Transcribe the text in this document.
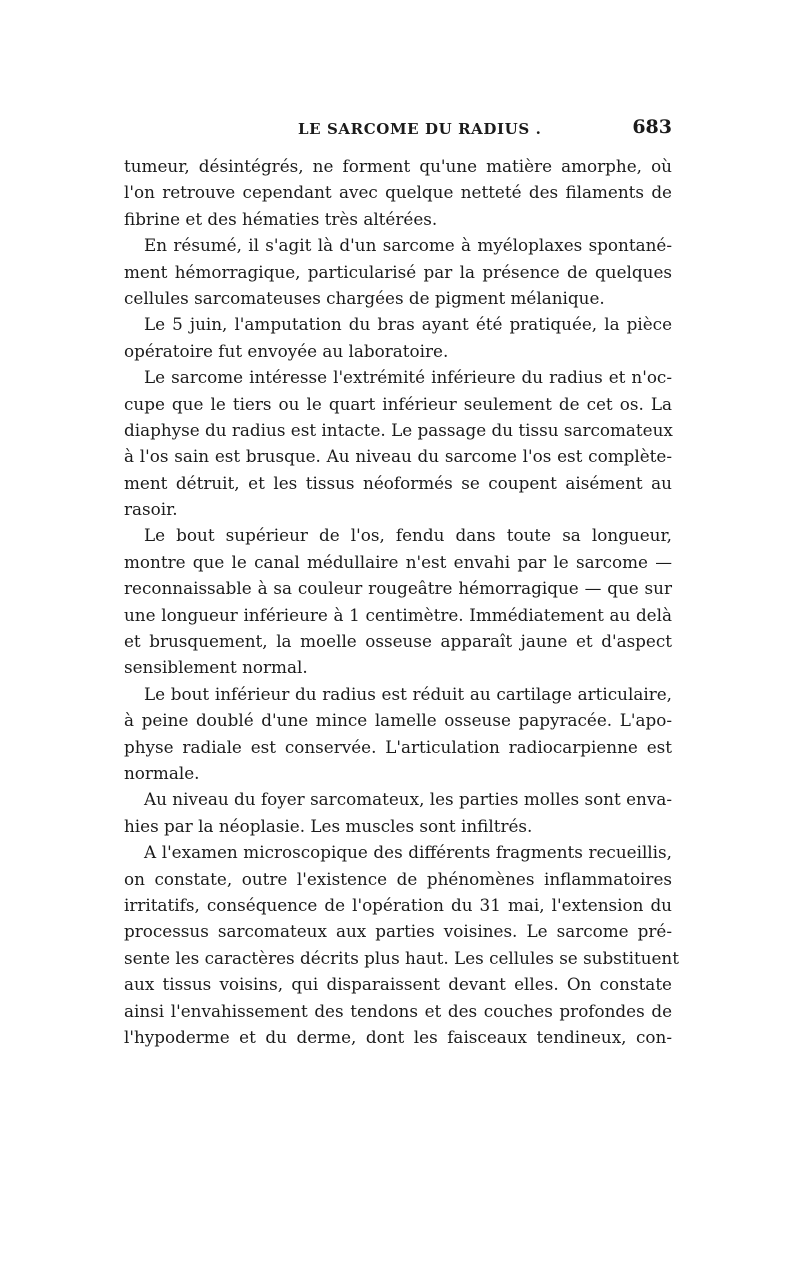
LE SARCOME DU RADIUS .	683
tumeur, désintégrés, ne forment qu'une matière amorphe, où
l'on retrouve cependant avec quelque netteté des filaments de
fibrine et des hématies très altérées.
En résumé, il s'agit là d'un sarcome à myéloplaxes spontané-
ment hémorragique, particularisé par la présence de quelques
cellules sarcomateuses chargées de pigment mélanique.
Le 5 juin, l'amputation du bras ayant été pratiquée, la pièce
opératoire fut envoyée au laboratoire.
Le sarcome intéresse l'extrémité inférieure du radius et n'oc-
cupe que le tiers ou le quart inférieur seulement de cet os. La
diaphyse du radius est intacte. Le passage du tissu sarcomateux
à l'os sain est brusque. Au niveau du sarcome l'os est complète-
ment détruit, et les tissus néoformés se coupent aisément au
rasoir.
Le bout supérieur de l'os, fendu dans toute sa longueur,
montre que le canal médullaire n'est envahi par le sarcome —
reconnaissable à sa couleur rougeâtre hémorragique — que sur
une longueur inférieure à 1 centimètre. Immédiatement au delà
et brusquement, la moelle osseuse apparaît jaune et d'aspect
sensiblement normal.
Le bout inférieur du radius est réduit au cartilage articulaire,
à peine doublé d'une mince lamelle osseuse papyracée. L'apo-
physe radiale est conservée. L'articulation radiocarpienne est
normale.
Au niveau du foyer sarcomateux, les parties molles sont enva-
hies par la néoplasie. Les muscles sont infiltrés.
A l'examen microscopique des différents fragments recueillis,
on constate, outre l'existence de phénomènes inflammatoires
irritatifs, conséquence de l'opération du 31 mai, l'extension du
processus sarcomateux aux parties voisines. Le sarcome pré-
sente les caractères décrits plus haut. Les cellules se substituent
aux tissus voisins, qui disparaissent devant elles. On constate
ainsi l'envahissement des tendons et des couches profondes de
l'hypoderme et du derme, dont les faisceaux tendineux, con-
